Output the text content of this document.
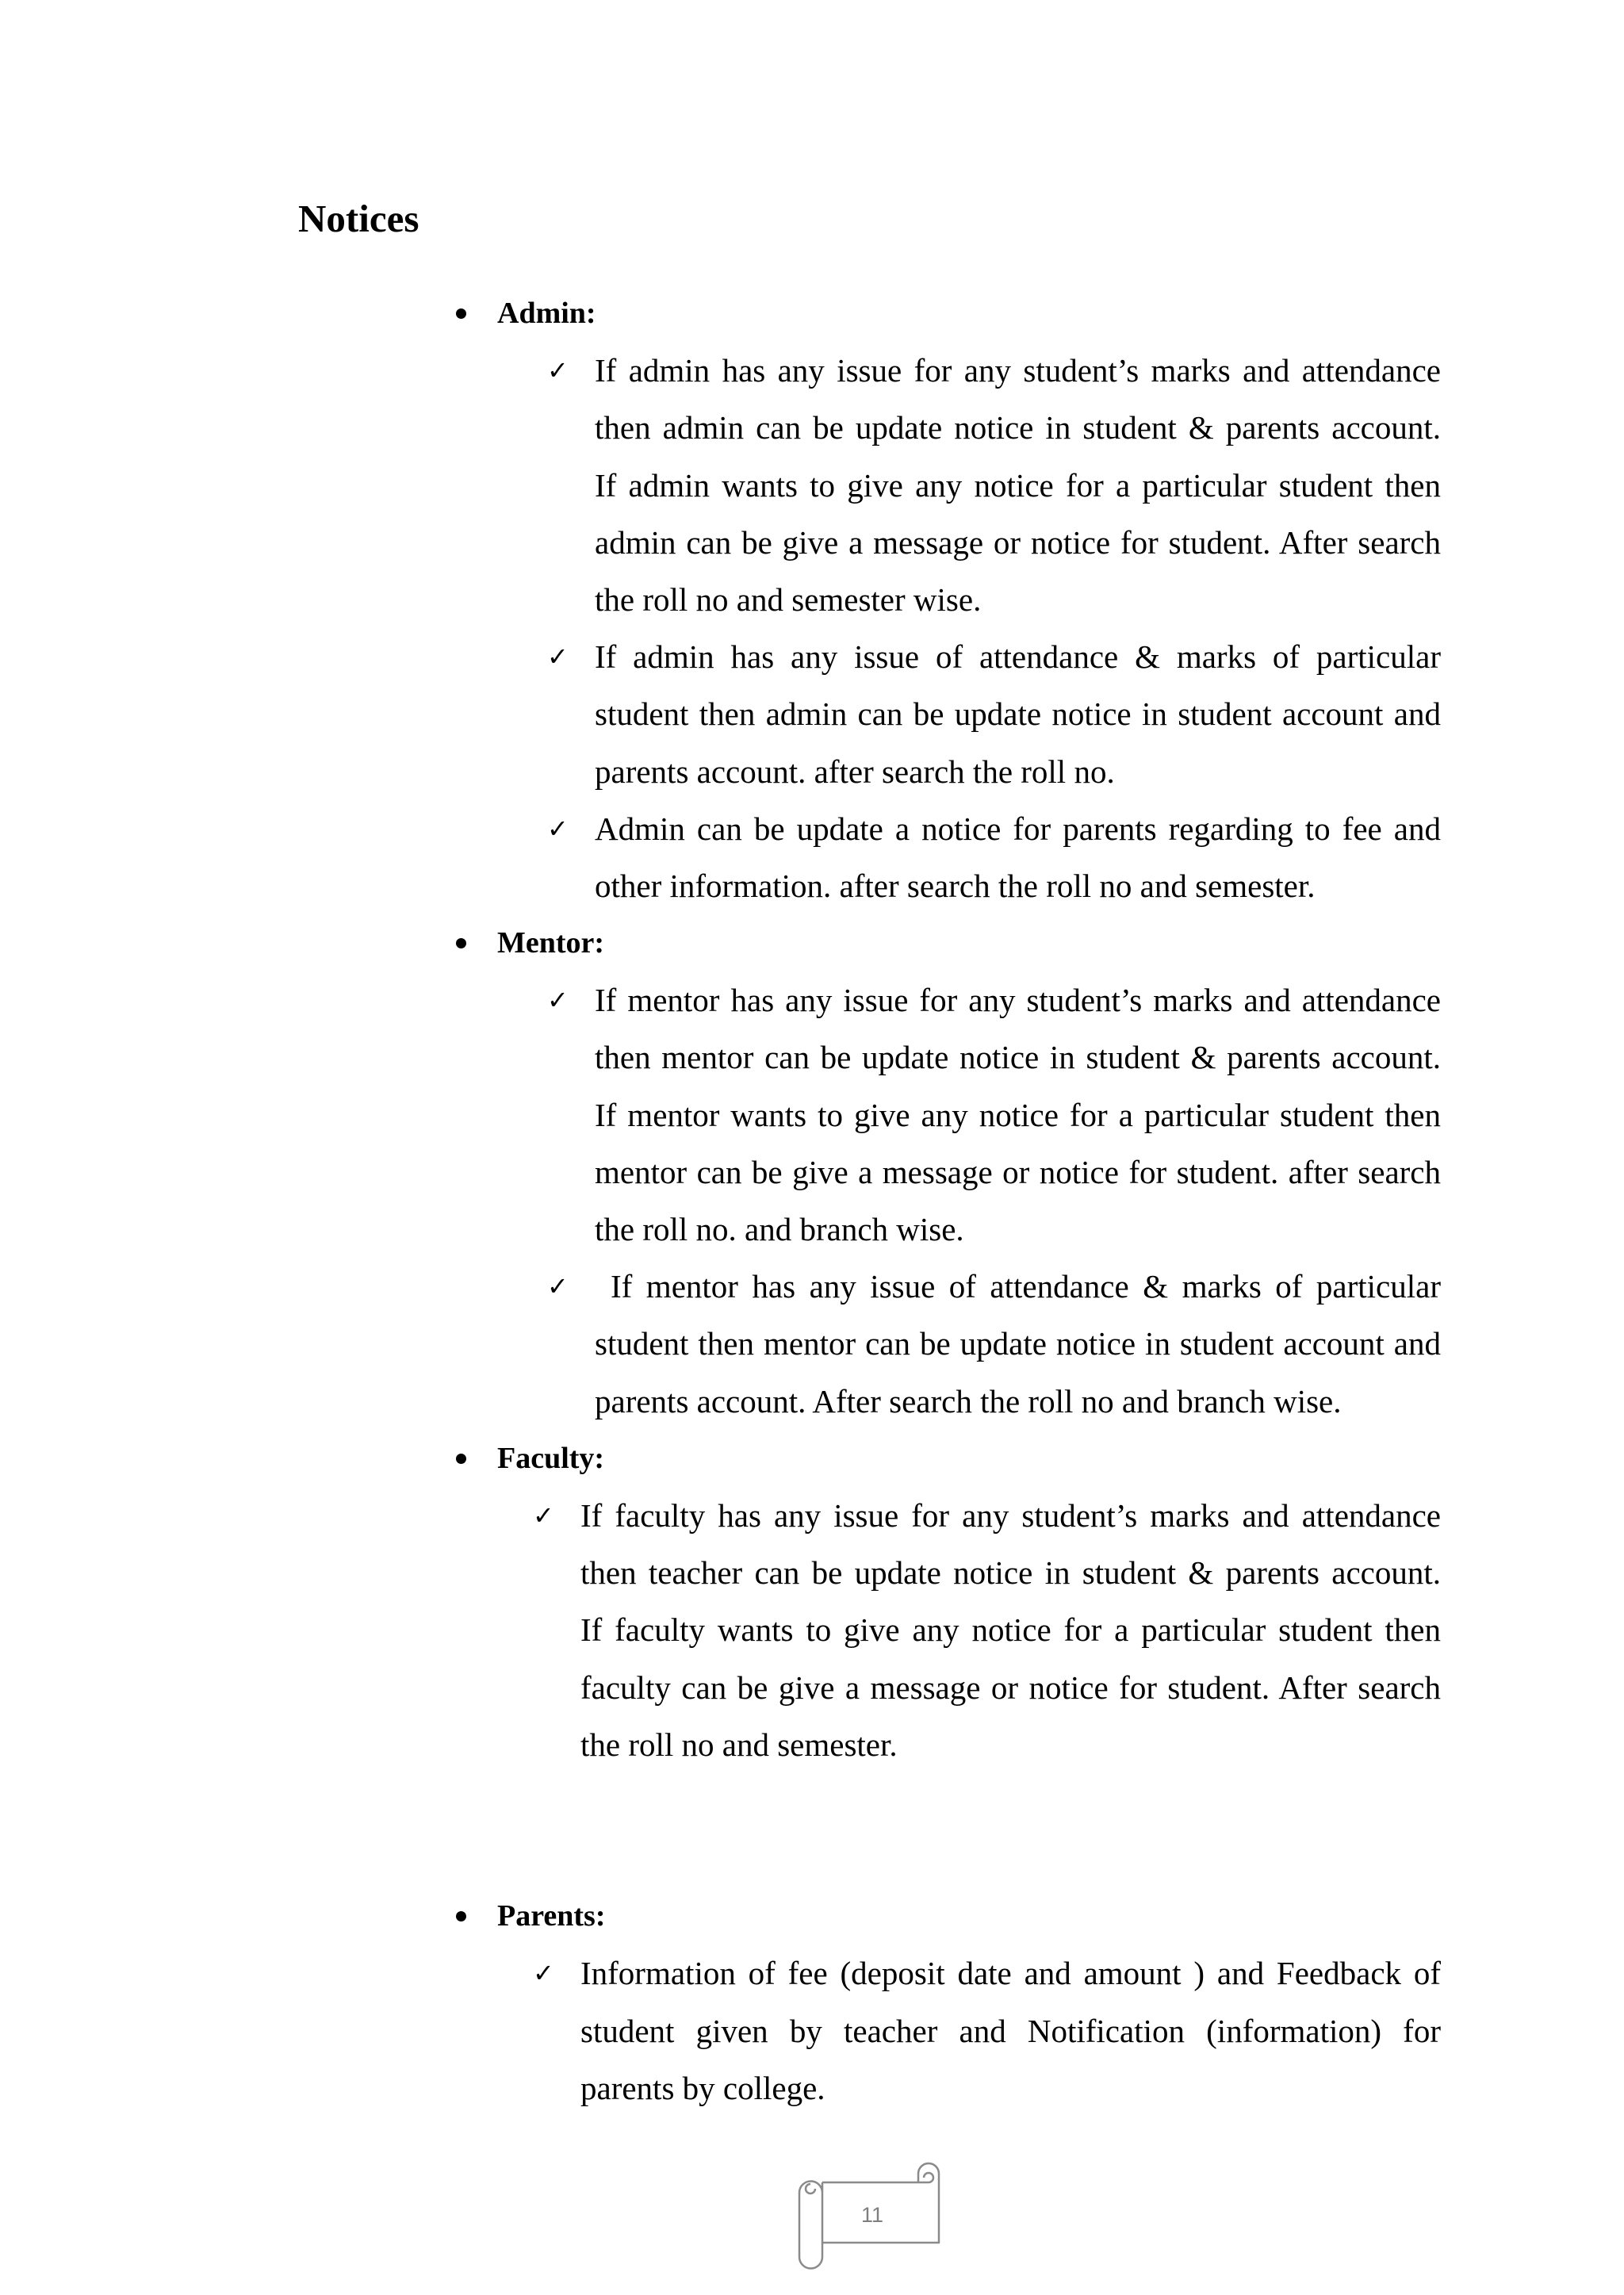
Notices
Admin:
✓ If admin has any issue for any student’s marks and attendance
then admin can be update notice in student & parents account.
If admin wants to give any notice for a particular student then
admin can be give a message or notice for student. After search
the roll no and semester wise.
✓ If admin has any issue of attendance & marks of particular
student then admin can be update notice in student account and
parents account. after search the roll no.
✓ Admin can be update a notice for parents regarding to fee and
other information. after search the roll no and semester.
Mentor:
✓ If mentor has any issue for any student’s marks and attendance
then mentor can be update notice in student & parents account.
If mentor wants to give any notice for a particular student then
mentor can be give a message or notice for student. after search
the roll no. and branch wise.
✓	If mentor has any issue of attendance & marks of particular
student then mentor can be update notice in student account and
parents account. After search the roll no and branch wise.
Faculty:
✓ If faculty has any issue for any student’s marks and attendance
then teacher can be update notice in student & parents account.
If faculty wants to give any notice for a particular student then
faculty can be give a message or notice for student. After search
the roll no and semester.
Parents:
✓ Information of fee (deposit date and amount ) and Feedback of
student given by teacher and Notification (information) for
parents by college.
11
